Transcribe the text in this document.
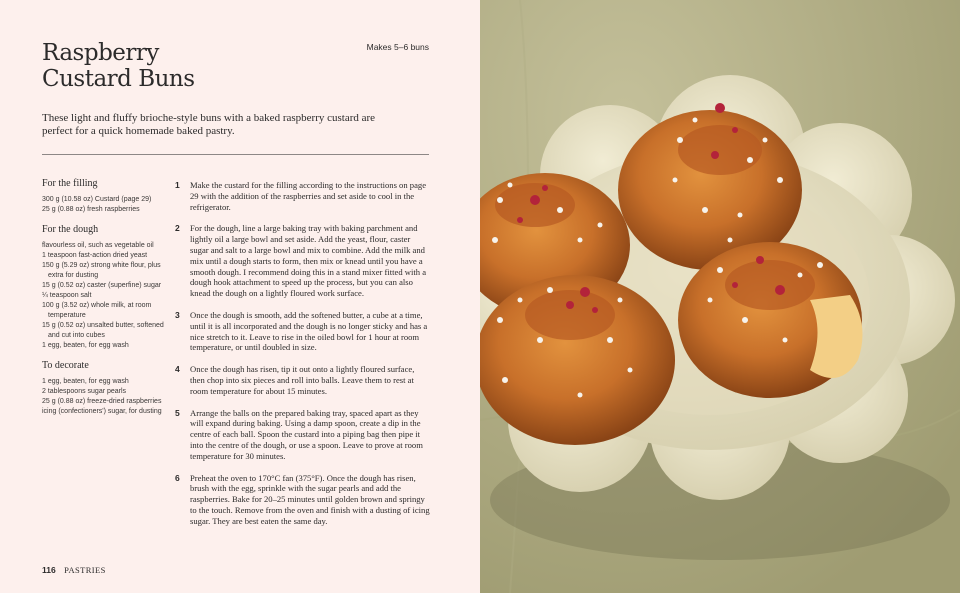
Raspberry
Custard Buns
Makes 5–6 buns

These light and fluffy brioche-style buns with a baked raspberry custard are perfect for a quick homemade baked pastry.

For the filling
300 g (10.58 oz) Custard (page 29)
25 g (0.88 oz) fresh raspberries
For the dough
flavourless oil, such as vegetable oil
1 teaspoon fast-action dried yeast
150 g (5.29 oz) strong white flour, plus extra for dusting
15 g (0.52 oz) caster (superfine) sugar
¼ teaspoon salt
100 g (3.52 oz) whole milk, at room temperature
15 g (0.52 oz) unsalted butter, softened and cut into cubes
1 egg, beaten, for egg wash
To decorate
1 egg, beaten, for egg wash
2 tablespoons sugar pearls
25 g (0.88 oz) freeze-dried raspberries
icing (confectioners') sugar, for dusting
1	Make the custard for the filling according to the instructions on page 29 with the addition of the raspberries and set aside to cool in the refrigerator.
2	For the dough, line a large baking tray with baking parchment and lightly oil a large bowl and set aside. Add the yeast, flour, caster sugar and salt to a large bowl and mix to combine. Add the milk and mix until a dough starts to form, then mix or knead until you have a smooth dough. I recommend doing this in a stand mixer fitted with a dough hook attachment to speed up the process, but you can also knead the dough on a lightly floured work surface.
3	Once the dough is smooth, add the softened butter, a cube at a time, until it is all incorporated and the dough is no longer sticky and has a nice stretch to it. Leave to rise in the oiled bowl for 1 hour at room temperature, or until doubled in size.
4	Once the dough has risen, tip it out onto a lightly floured surface, then chop into six pieces and roll into balls. Leave them to rest at room temperature for about 15 minutes.
5	Arrange the balls on the prepared baking tray, spaced apart as they will expand during baking. Using a damp spoon, create a dip in the centre of each ball. Spoon the custard into a piping bag then pipe it into the centre of the dough, or use a spoon. Leave to prove at room temperature for 30 minutes.
6	Preheat the oven to 170°C fan (375°F). Once the dough has risen, brush with the egg, sprinkle with the sugar pearls and add the raspberries. Bake for 20–25 minutes until golden brown and springy to the touch. Remove from the oven and finish with a dusting of icing sugar. They are best eaten the same day.
116 PASTRIES
